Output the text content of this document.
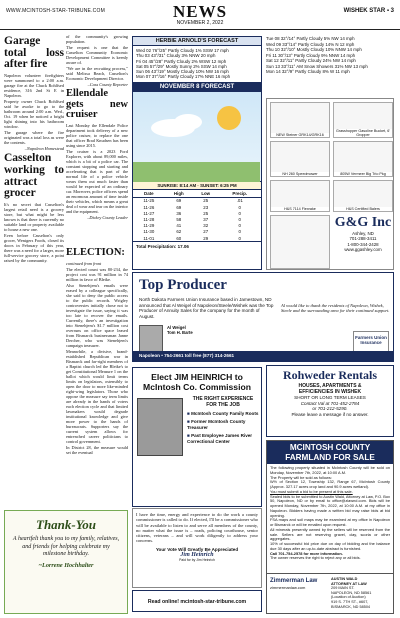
WWW.MCINTOSH-STAR-TRIBUNE.COM	NEWS
NOVEMBER 2, 2022
WISHEK STAR ▪ 3
Garage total loss after fire

Napoleon volunteer firefighters were summoned to a 2:00 a.m. garage fire at the Chuck Rohlfsed residence, 316 2nd St E in Napoleon.

Property owner Chuck Rohlfsed said he awoke to go to the bathroom around 2:00 a.m. Wed., Oct. 19 when he noticed a bright light shining into his bathroom window.

The garage where the fire originated was a total loss as were the contents.

–Napoleon Homestead

Casselton working to attract grocer

It's no secret that Casselton's largest retail need is a grocery store, but what might be less known is that there is currently no suitable land or property available to house a new one.

Even before Casselton's only grocer, Wenigers Foods, closed its doors in February of this year, there was a need for a larger, more full-service grocery store, a point raised by the community.

ELECTION:

continued from front

The elected count was 80-234, the project cost was 91 million in 74 million in favor of Bleike.

Also Stenehjem's emails were erased by a colleague specifically, she said to deny the public access to the public records. Wrigley controversies initially chose not to investigate the issue, saying it was too late to recover the emails. Currently, there's an investigation into Stenehjem's $1.7 million cost overruns on office space leased from Bismarck businessman Janne Dercher, who was Stenehjem's campaign treasurer.

Meanwhile, a divisive, brand-established Republican war in Bismarck and far-right members of a Baptist church led the Bleike's to get Constitutional Measure 1 on the ballot which would limit terms limits on legislators, ostensibly to open the door to more like-minded right-wing legislators. Those who oppose the measure say term limits are already in the hands of voters each election cycle and that limited lawmakers would degrade institutional knowledge and give more power to the hands of bureaucrats. Supporters say the current system allows for entrenched career politicians to control government.

In District 28, the measure would set the eventual

of the community's growing population.

The request is one that the Casselton Community Economic Development Committee is keenly aware of.

"We are in the recruiting process," said Melissa Beach, Casselton's Economic Development Director.

–Cass County Reporter

Ellendale gets new cruiser

Last Monday the Ellendale Police department took delivery of a new police cruiser, to replace the one that officer Brad Knudsen has been using since 2015.

The cruiser is a 2023 Ford Explorer, with about 89,000 miles, which is a bit of a police car. The constant stopping and starting and accelerating that is part of the normal life of a police vehicle wears them out much faster than would be expected of an ordinary car. Moreover, police officers spend an enormous amount of time inside their vehicles, which means a great deal of wear and tear on the interior and the equipment.

–Dickey County Leader

HERBIE ARNOLD'S FORECAST
Wed 02 76°/25° Partly Cloudy 1% SSW 17 mph
Thu 03 43°/31° Cloudy 3% NNW 20 mph
Fri 04 45°/28° Partly Cloudy 2% WSW 12 mph
Sat 05 57°/29° Mostly Sunny 2% SSW 14 mph
Sun 06 43°/19° Mostly Cloudy 10% NW 16 mph
Mon 07 37°/16° Partly Cloudy 17% NNE 16 mph
NOVEMBER 8 FORECAST
SUNRISE: 8:14 AM · SUNSET: 6:25 PM
Date	High	Low	Precip.
11-25	69	25	.01
11-26	69	23	0
11-27	36	25	0
11-28	58	37	0
11-29	41	32	0
11-30	62	27	0
11-01	60	29	0
Total Precipitation: 17.06
Tue 08 32°/14° Partly Cloudy 5% NW 14 mph
Wed 09 33°/14° Partly Cloudy 14% N 12 mph
Thu 10 32°/10° Mostly Cloudy 10% NNW 14 mph
Fri 11 30°/13° Partly Cloudy 9% NNW 14 mph
Sat 12 32°/11° Partly Cloudy 24% NW 14 mph
Sun 13 33°/11° AM Snow Showers 31% NW 13 mph
Mon 14 32°/9° Partly Cloudy 8% W 11 mph
NEW Steiner GRK14/GRK16
Grasshopper Gasoline Bucket, 6' Gropper
NH 260 Speedmower	805W Vermeer Big Trio Pkg
H&S 7114 Flexrake	H&S Certified Balers
G&G Inc
Ashley, ND
701-288-3411
1-800-344-2428
www.ggashley.com
Top Producer
North Dakota Farmers Union Insurance based in Jamestown, ND announced that Al Weigel of Napoleon/Steele/Wishek was the Top Producer of Annuity Sales for the company for the month of August.
Al Weigel
Tom H. Barte
Al would like to thank the residents of Napoleon, Wishek, Steele and the surrounding area for their continued support.
Farmers Union Insurance
Napoleon • 754-2661 toll free (877) 314-2661
Rohweder Rentals
HOUSES, APARTMENTS &
EFFICIENCIES IN WISHEK
SHORT OR LONG TERM LEASES
Contact Val at 701-452-2784
or 701-212-5290.
Please leave a message if no answer.
MCINTOSH COUNTY FARMLAND FOR SALE

The following property situated in McIntosh County will be sold on Monday, November 7th, 2022, at 10:00 A.M.

The Property will be sold as follows:

W½ of Section 12, Township 132, Range 67, McIntosh County (Approx. 327.17 acres crop land and 90.9 acres wetland).

You must submit a bid to be present at this sale.

Sealed bids to be submitted to Austin Wald, Attorney at Law, P.O. Box 50, Napoleon, ND or by email to office@zlawnd.com. Bids will be opened Monday, November 7th, 2022, at 10:00 A.M. at my office in Napoleon. Bidders having made a written bid may raise bids at bid opening.

FSA maps and soil maps may be examined at my office in Napoleon or Bismarck or will be emailed upon request.

All minerals presently owned by the sellers will be reserved from the sale. Sellers are not reserving gravel, clay, scoria or other aggregates.

10% of successful bid price due on day of bidding and the balance due 30 days after an up-to-date abstract is furnished.

Call 701-754-2578 for more information.

The owner reserves the right to reject any or all bids.

Zimmerman Law
zimmermanlaw.com
AUSTIN WALD
ATTORNEY AT LAW
209 MAIN ST.
NAPOLEON, ND 58561
(Location of Auction)
919 S. 7TH ST., #607,
BISMARCK, ND 58504
Elect JIM HEINRICH to McIntosh Co. Commission
THE RIGHT EXPERIENCE FOR THE JOB
■ McIntosh County Family Roots
■ Former McIntosh County Treasurer
■ Past Employee James River Correctional Center
I have the time, energy and experience to do the work a county commissioner is called to do. If elected, I'll be a commissioner who will be available to listen to and serve all members of the county, no matter what the issue is – roads, policing courthouse, senior citizens, veterans – and will work diligently to address your concerns.
Your Vote Will Greatly Be Appreciated
Jim Heinrich
Paid for by Jim Heinrich
Read online! mcintosh-star-tribune.com
Thank-You
A heartfelt thank you to my family, relatives, and friends for helping celebrate my milestone birthday.
~Lorrene Hochhalter
